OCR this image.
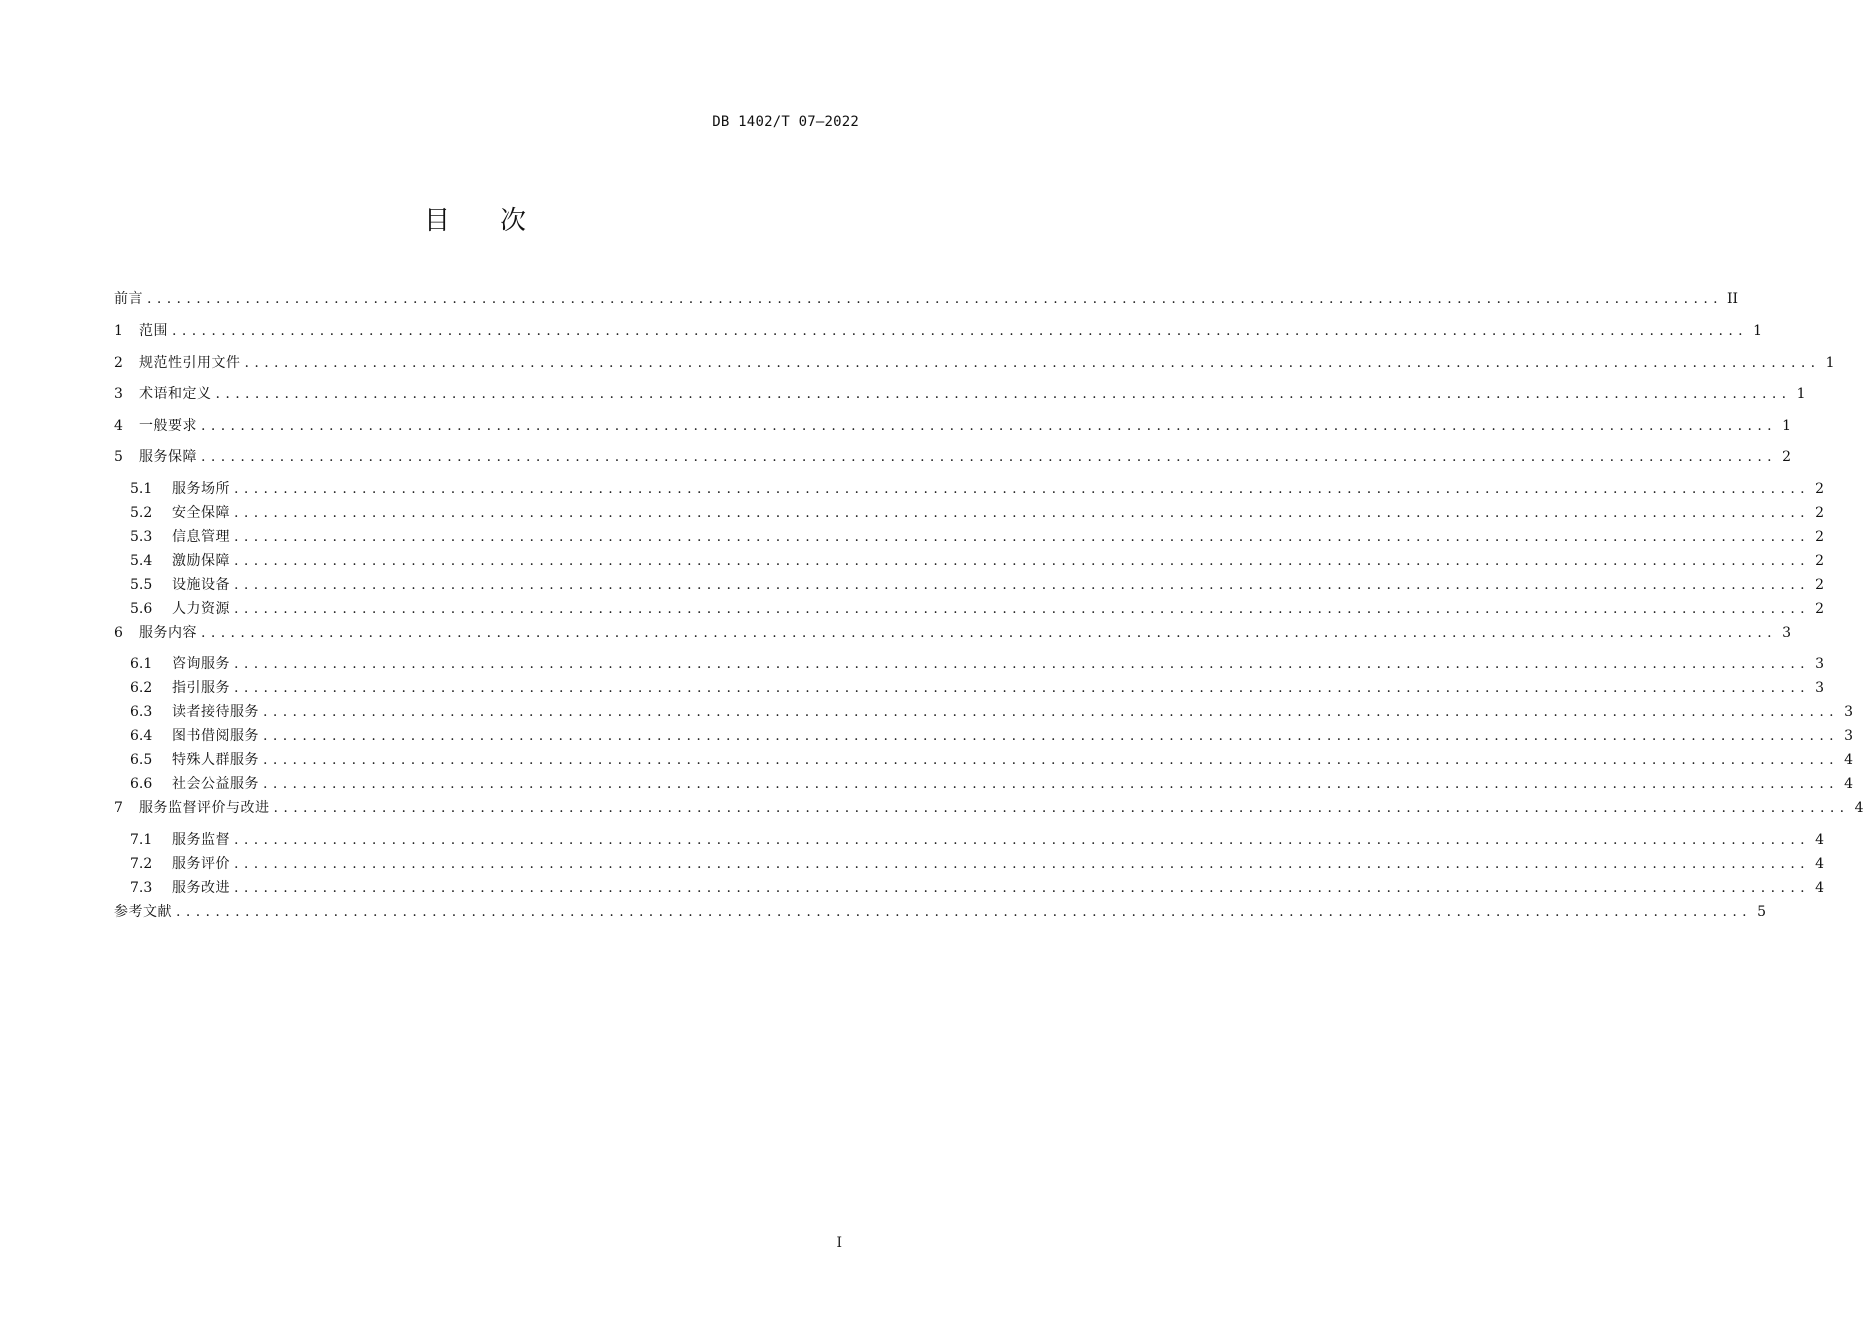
DB 1402/T 07—2022
目 次
前言 ................................................................................................................................................................ II
1	范围 ................................................................................................................................................................ 1
2	规范性引用文件 ................................................................................................................................................................ 1
3	术语和定义 ................................................................................................................................................................ 1
4	一般要求 ................................................................................................................................................................ 1
5	服务保障 ................................................................................................................................................................ 2
5.1	服务场所 ................................................................................................................................................................ 2
5.2	安全保障 ................................................................................................................................................................ 2
5.3	信息管理 ................................................................................................................................................................ 2
5.4	激励保障 ................................................................................................................................................................ 2
5.5	设施设备 ................................................................................................................................................................ 2
5.6	人力资源 ................................................................................................................................................................ 2
6	服务内容 ................................................................................................................................................................ 3
6.1	咨询服务 ................................................................................................................................................................ 3
6.2	指引服务 ................................................................................................................................................................ 3
6.3	读者接待服务 ................................................................................................................................................................ 3
6.4	图书借阅服务 ................................................................................................................................................................ 3
6.5	特殊人群服务 ................................................................................................................................................................ 4
6.6	社会公益服务 ................................................................................................................................................................ 4
7	服务监督评价与改进 ................................................................................................................................................................ 4
7.1	服务监督 ................................................................................................................................................................ 4
7.2	服务评价 ................................................................................................................................................................ 4
7.3	服务改进 ................................................................................................................................................................ 4
参考文献 ................................................................................................................................................................ 5
I
